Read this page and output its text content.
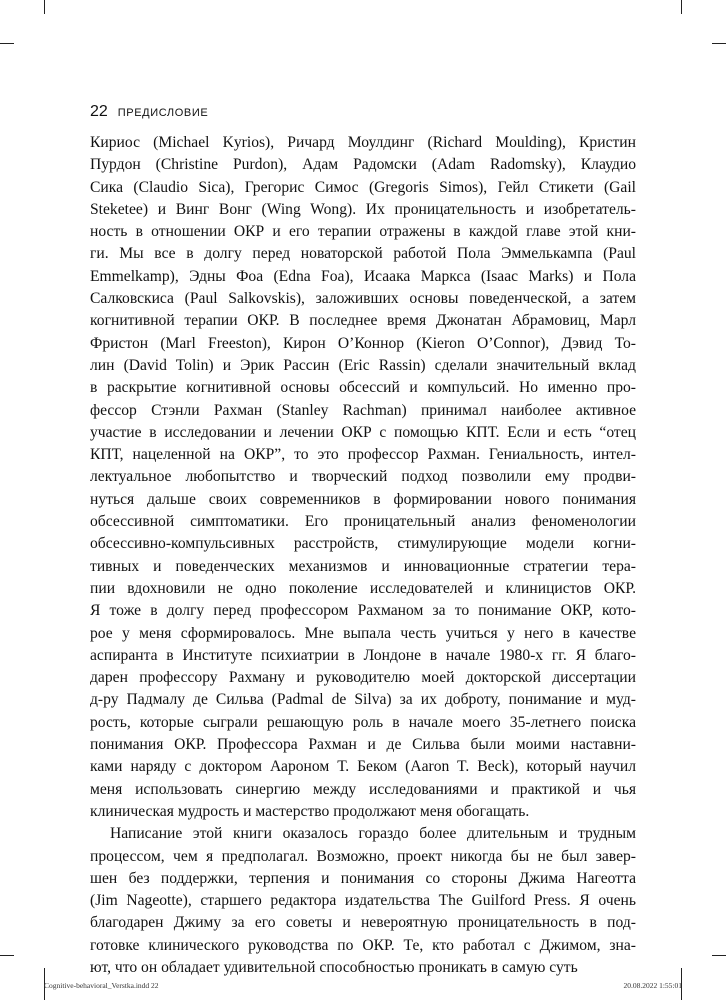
22 ПРЕДИСЛОВИЕ
Кириос (Michael Kyrios), Ричард Моулдинг (Richard Moulding), Кристин
Пурдон (Christine Purdon), Адам Радомски (Adam Radomsky), Клаудио
Сика (Claudio Sica), Грегорис Симос (Gregoris Simos), Гейл Стикети (Gail
Steketee) и Винг Вонг (Wing Wong). Их проницательность и изобретатель-
ность в отношении ОКР и его терапии отражены в каждой главе этой кни-
ги. Мы все в долгу перед новаторской работой Пола Эммелькампа (Paul
Emmelkamp), Эдны Фоа (Edna Foa), Исаака Маркса (Isaac Marks) и Пола
Салковскиса (Paul Salkovskis), заложивших основы поведенческой, а затем
когнитивной терапии ОКР. В последнее время Джонатан Абрамовиц, Марл
Фристон (Marl Freeston), Кирон О’Коннор (Kieron O’Connor), Дэвид То-
лин (David Tolin) и Эрик Рассин (Eric Rassin) сделали значительный вклад
в раскрытие когнитивной основы обсессий и компульсий. Но именно про-
фессор Стэнли Рахман (Stanley Rachman) принимал наиболее активное
участие в исследовании и лечении ОКР с помощью КПТ. Если и есть “отец
КПТ, нацеленной на ОКР”, то это профессор Рахман. Гениальность, интел-
лектуальное любопытство и творческий подход позволили ему продви-
нуться дальше своих современников в формировании нового понимания
обсессивной симптоматики. Его проницательный анализ феноменологии
обсессивно-компульсивных расстройств, стимулирующие модели когни-
тивных и поведенческих механизмов и инновационные стратегии тера-
пии вдохновили не одно поколение исследователей и клиницистов ОКР.
Я тоже в долгу перед профессором Рахманом за то понимание ОКР, кото-
рое у меня сформировалось. Мне выпала честь учиться у него в качестве
аспиранта в Институте психиатрии в Лондоне в начале 1980-х гг. Я благо-
дарен профессору Рахману и руководителю моей докторской диссертации
д-ру Падмалу де Сильва (Padmal de Silva) за их доброту, понимание и муд-
рость, которые сыграли решающую роль в начале моего 35-летнего поиска
понимания ОКР. Профессора Рахман и де Сильва были моими наставни-
ками наряду с доктором Аароном Т. Беком (Aaron T. Beck), который научил
меня использовать синергию между исследованиями и практикой и чья
клиническая мудрость и мастерство продолжают меня обогащать.
Написание этой книги оказалось гораздо более длительным и трудным
процессом, чем я предполагал. Возможно, проект никогда бы не был завер-
шен без поддержки, терпения и понимания со стороны Джима Нагеотта
(Jim Nageotte), старшего редактора издательства The Guilford Press. Я очень
благодарен Джиму за его советы и невероятную проницательность в под-
готовке клинического руководства по ОКР. Те, кто работал с Джимом, зна-
ют, что он обладает удивительной способностью проникать в самую суть
Cognitive-behavioral_Verstka.indd 22	20.08.2022 1:55:01
